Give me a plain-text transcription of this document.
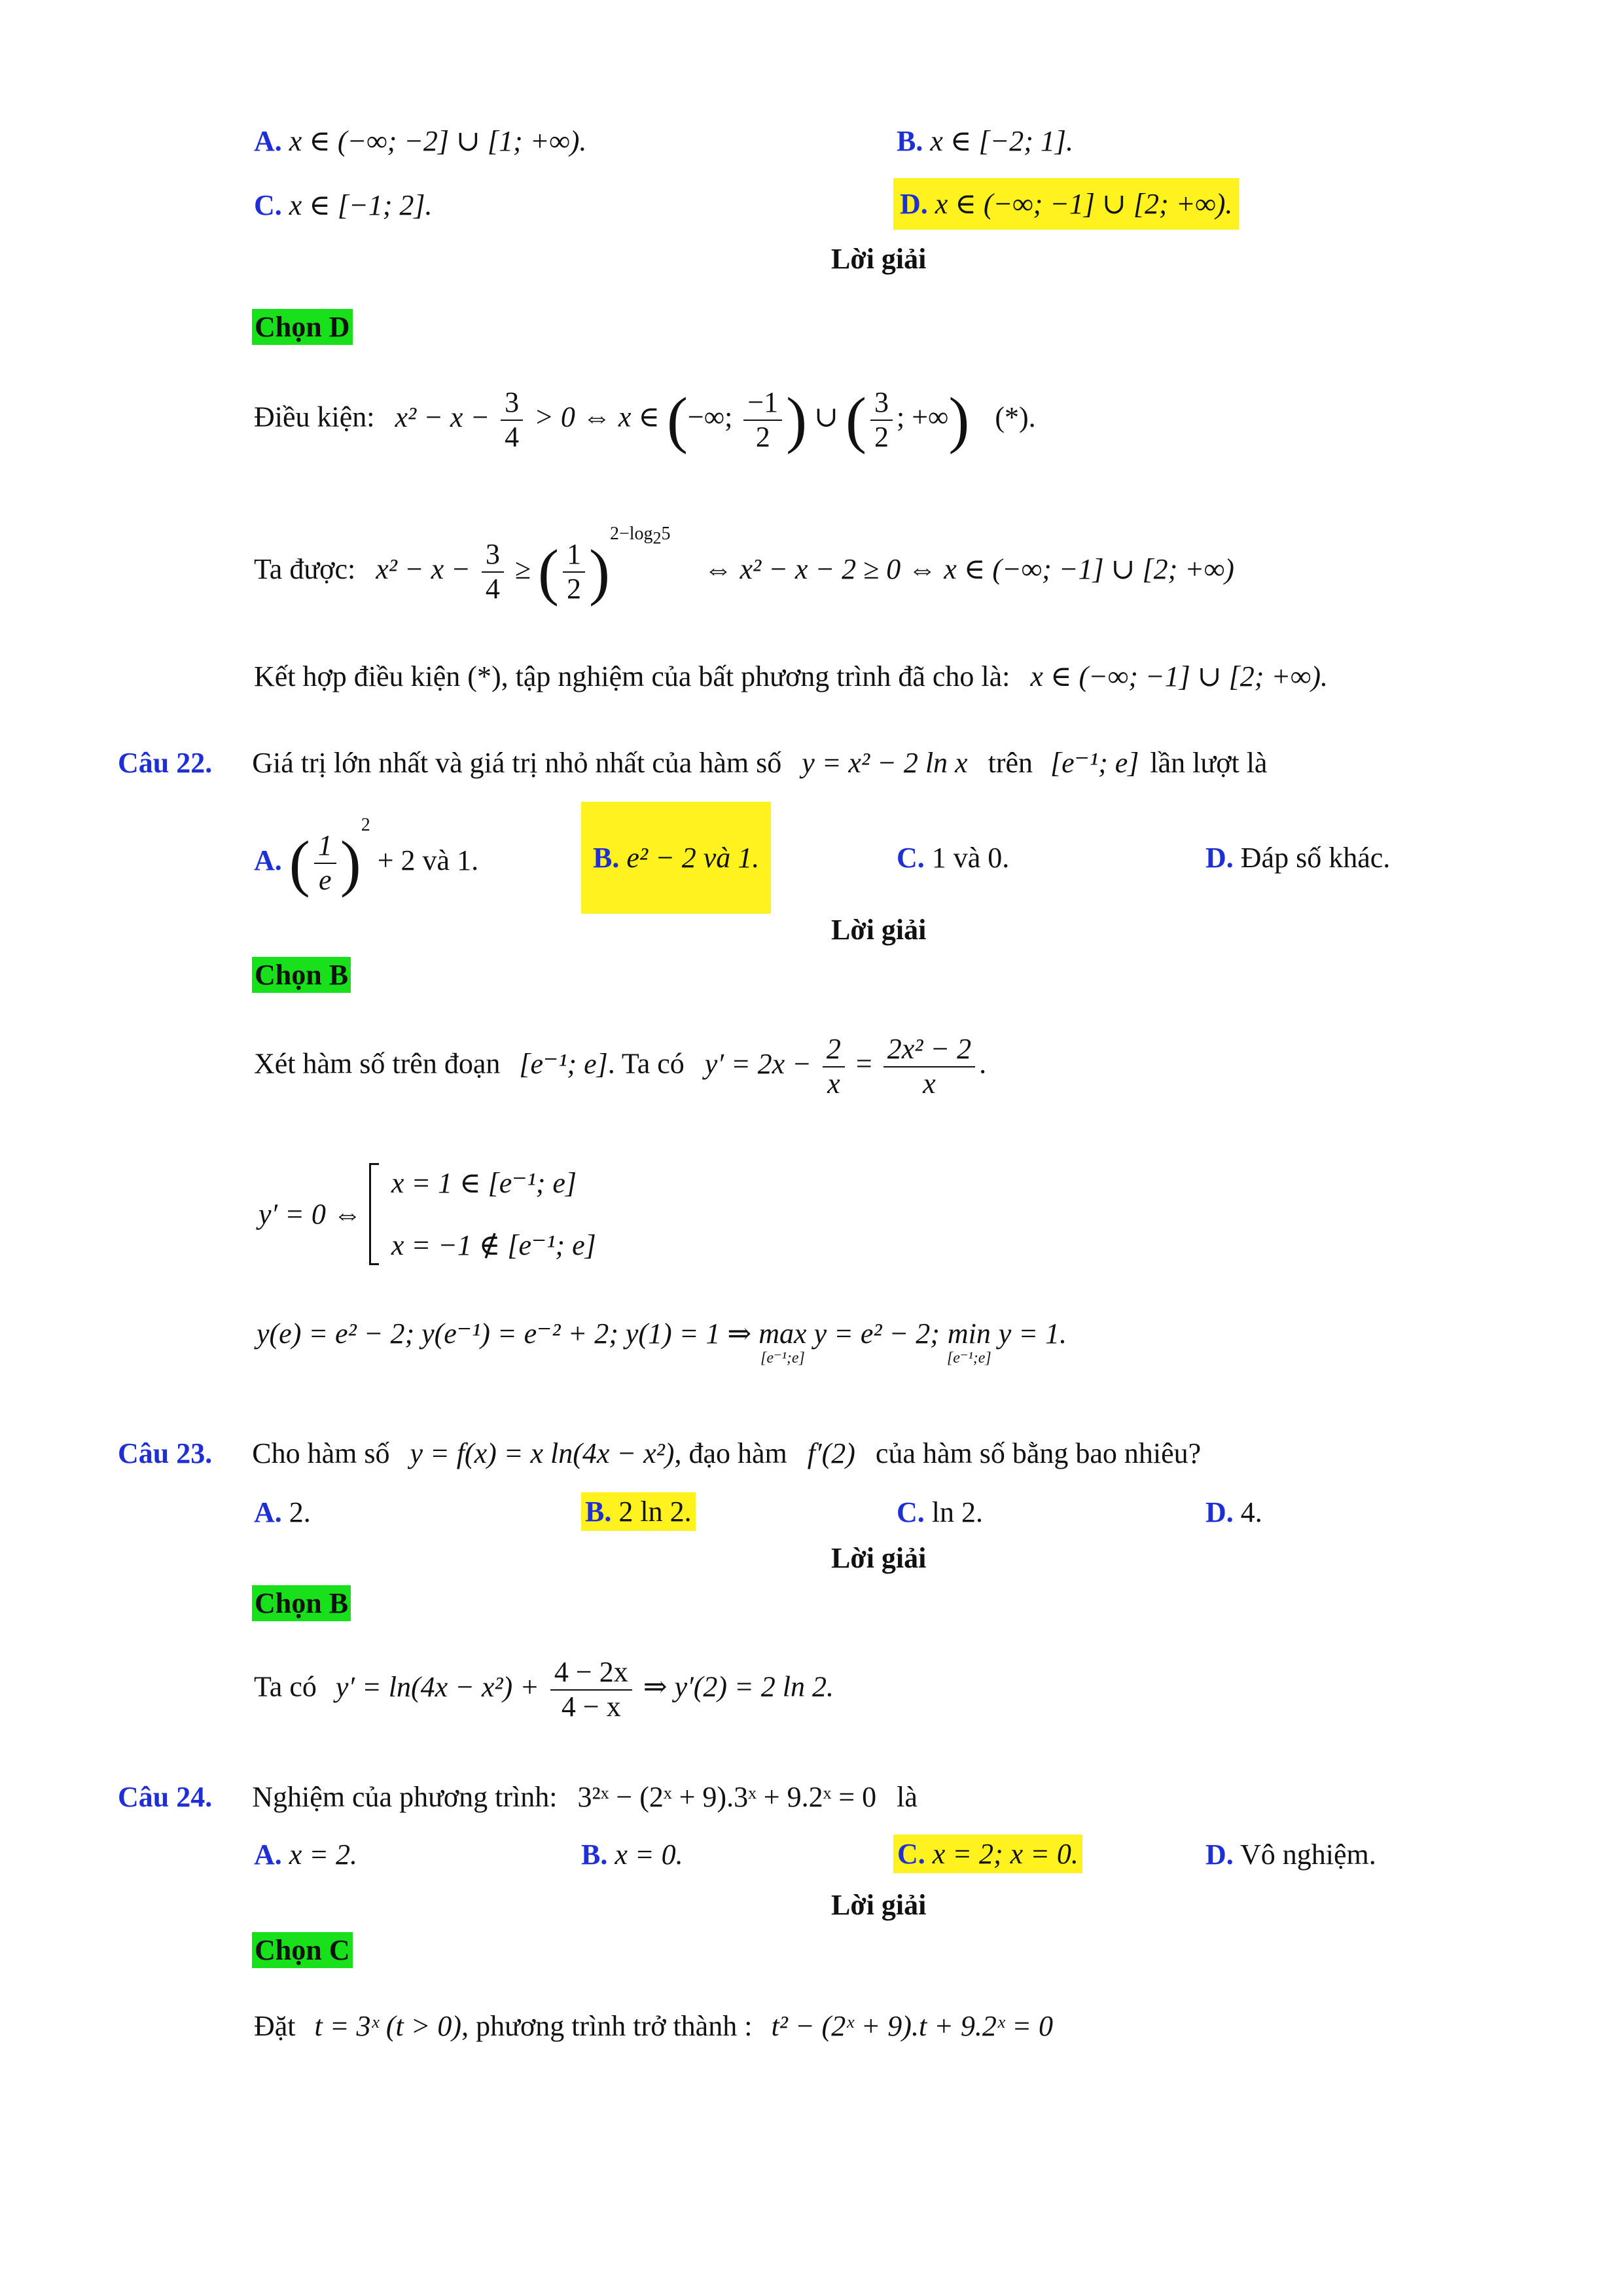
A. x ∈ (−∞; −2] ∪ [1; +∞).	B. x ∈ [−2; 1].
C. x ∈ [−1; 2].	D. x ∈ (−∞; −1] ∪ [2; +∞).
Lời giải
Chọn D
Điều kiện: $x^2 - x - \frac{3}{4} > 0$ ⇔ x ∈ (−∞; $\frac{-1}{2}$ ) ∪ ( $\frac{3}{2}$ ; +∞) (*).
Ta được: $x^2 - x - \frac{3}{4}$ ≥ ( $\frac{1}{2} )^{2-log_25}$ ⇔ x² − x − 2 ≥ 0 ⇔ x ∈ (−∞; −1] ∪ [2; +∞)
Kết hợp điều kiện (*), tập nghiệm của bất phương trình đã cho là: x ∈ (−∞; −1] ∪ [2; +∞).
Câu 22. Giá trị lớn nhất và giá trị nhỏ nhất của hàm số y = x² − 2 ln x trên [e⁻¹; e] lần lượt là
A. ( $\frac{1}{e} )^2 + 2$ và 1.	B. e² − 2 và 1.	C. 1 và 0.	D. Đáp số khác.
Lời giải
Chọn B
Xét hàm số trên đoạn [e⁻¹; e]. Ta có $y' = 2x - \frac{2}{x} = \frac{\text{2x² − 2}}{x}$ .
y′ = 0 ⇔
x = 1 ∈ [e⁻¹; e]
x = −1 ∉ [e⁻¹; e]
y(e) = e² − 2; y(e⁻¹) = e⁻² + 2; y(1) = 1 ⇒ max
[e⁻¹;e]
y = e² − 2; min
[e⁻¹;e]
y = 1.
Câu 23. Cho hàm số y = f(x) = x ln(4x − x²), đạo hàm f′(2) của hàm số bằng bao nhiêu?
A. 2.	B. 2 ln 2.	C. ln 2.	D. 4.
Lời giải
Chọn B
Ta có $y' = \ln(4x - x^2) + \frac{4 - 2x}{4 - x}$ ⇒ y′(2) = 2 ln 2.
Câu 24. Nghiệm của phương trình: 3²ˣ − (2ˣ + 9).3ˣ + 9.2ˣ = 0 là
A. x = 2.	B. x = 0.	C. x = 2; x = 0.	D. Vô nghiệm.
Lời giải
Chọn C
Đặt t = 3ˣ (t > 0), phương trình trở thành : t² − (2ˣ + 9).t + 9.2ˣ = 0
